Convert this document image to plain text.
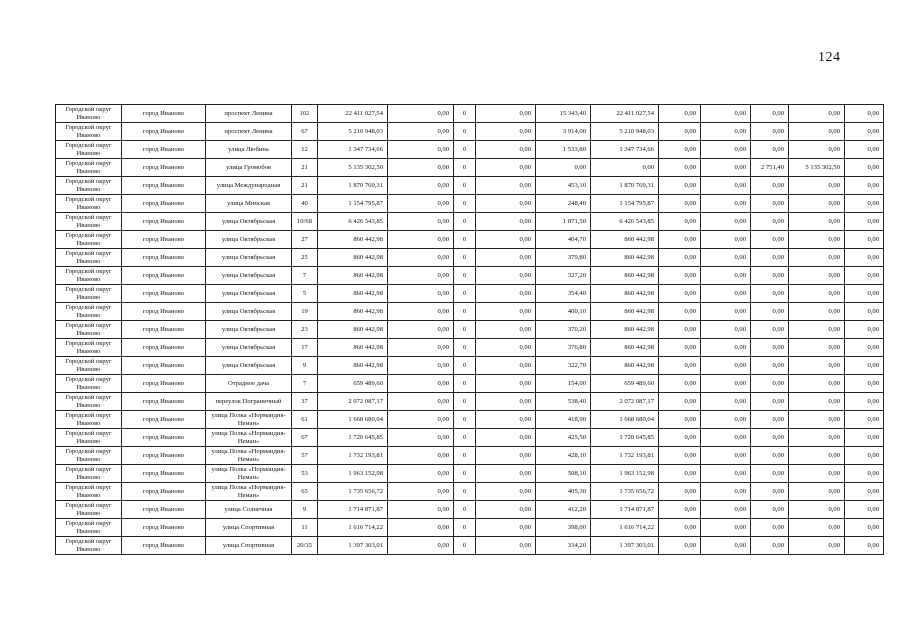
124
Городской округ Иваново	город Иваново	проспект Ленина	102	22 411 027,54	0,00	0	0,00	15 343,40	22 411 027,54	0,00	0,00	0,00	0,00	0,00
Городской округ Иваново	город Иваново	проспект Ленина	67	5 210 948,03	0,00	0	0,00	3 914,00	5 210 948,03	0,00	0,00	0,00	0,00	0,00
Городской округ Иваново	город Иваново	улица Любина	12	1 347 734,66	0,00	0	0,00	1 533,80	1 347 734,66	0,00	0,00	0,00	0,00	0,00
Городской округ Иваново	город Иваново	улица Громобоя	21	5 135 302,50	0,00	0	0,00	0,00	0,00	0,00	0,00	2 751,40	5 135 302,50	0,00
Городской округ Иваново	город Иваново	улица Международная	21	1 870 769,31	0,00	0	0,00	453,10	1 870 769,31	0,00	0,00	0,00	0,00	0,00
Городской округ Иваново	город Иваново	улица Минская	40	1 154 795,87	0,00	0	0,00	248,40	1 154 795,87	0,00	0,00	0,00	0,00	0,00
Городской округ Иваново	город Иваново	улица Октябрьская	10/68	6 426 543,85	0,00	0	0,00	1 871,50	6 426 543,85	0,00	0,00	0,00	0,00	0,00
Городской округ Иваново	город Иваново	улица Октябрьская	27	860 442,98	0,00	0	0,00	404,70	860 442,98	0,00	0,00	0,00	0,00	0,00
Городской округ Иваново	город Иваново	улица Октябрьская	25	860 442,98	0,00	0	0,00	379,80	860 442,98	0,00	0,00	0,00	0,00	0,00
Городской округ Иваново	город Иваново	улица Октябрьская	7	860 442,98	0,00	0	0,00	327,20	860 442,98	0,00	0,00	0,00	0,00	0,00
Городской округ Иваново	город Иваново	улица Октябрьская	5	860 442,98	0,00	0	0,00	354,40	860 442,98	0,00	0,00	0,00	0,00	0,00
Городской округ Иваново	город Иваново	улица Октябрьская	19	860 442,98	0,00	0	0,00	400,10	860 442,98	0,00	0,00	0,00	0,00	0,00
Городской округ Иваново	город Иваново	улица Октябрьская	23	860 442,98	0,00	0	0,00	370,20	860 442,98	0,00	0,00	0,00	0,00	0,00
Городской округ Иваново	город Иваново	улица Октябрьская	17	860 442,98	0,00	0	0,00	376,80	860 442,98	0,00	0,00	0,00	0,00	0,00
Городской округ Иваново	город Иваново	улица Октябрьская	9	860 442,98	0,00	0	0,00	322,70	860 442,98	0,00	0,00	0,00	0,00	0,00
Городской округ Иваново	город Иваново	Отрадное дача	7	659 489,60	0,00	0	0,00	154,00	659 489,60	0,00	0,00	0,00	0,00	0,00
Городской округ Иваново	город Иваново	переулок Пограничный	37	2 072 087,17	0,00	0	0,00	538,40	2 072 087,17	0,00	0,00	0,00	0,00	0,00
Городской округ Иваново	город Иваново	улица Полка «Нормандия-Неман»	61	1 668 680,04	0,00	0	0,00	418,90	1 668 680,04	0,00	0,00	0,00	0,00	0,00
Городской округ Иваново	город Иваново	улица Полка «Нормандия-Неман»	67	1 720 645,85	0,00	0	0,00	425,50	1 720 645,85	0,00	0,00	0,00	0,00	0,00
Городской округ Иваново	город Иваново	улица Полка «Нормандия-Неман»	57	1 732 193,81	0,00	0	0,00	428,10	1 732 193,81	0,00	0,00	0,00	0,00	0,00
Городской округ Иваново	город Иваново	улица Полка «Нормандия-Неман»	53	1 963 152,98	0,00	0	0,00	508,10	1 963 152,98	0,00	0,00	0,00	0,00	0,00
Городской округ Иваново	город Иваново	улица Полка «Нормандия-Неман»	65	1 735 656,72	0,00	0	0,00	405,30	1 735 656,72	0,00	0,00	0,00	0,00	0,00
Городской округ Иваново	город Иваново	улица Солнечная	9	1 714 871,87	0,00	0	0,00	412,20	1 714 871,87	0,00	0,00	0,00	0,00	0,00
Городской округ Иваново	город Иваново	улица Спортивная	11	1 616 714,22	0,00	0	0,00	398,00	1 616 714,22	0,00	0,00	0,00	0,00	0,00
Городской округ Иваново	город Иваново	улица Спортивная	20/35	1 397 303,01	0,00	0	0,00	334,20	1 397 303,01	0,00	0,00	0,00	0,00	0,00
